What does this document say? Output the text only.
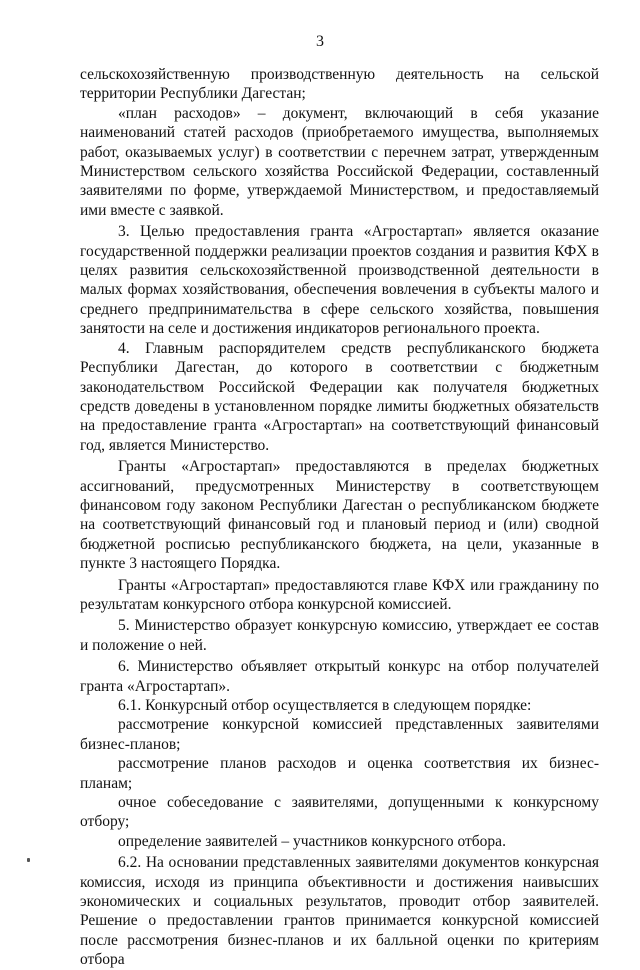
3

сельскохозяйственную производственную деятельность на сельской территории Республики Дагестан;

«план расходов» – документ, включающий в себя указание наименований статей расходов (приобретаемого имущества, выполняемых работ, оказываемых услуг) в соответствии с перечнем затрат, утвержденным Министерством сельского хозяйства Российской Федерации, составленный заявителями по форме, утверждаемой Министерством, и предоставляемый ими вместе с заявкой.

3. Целью предоставления гранта «Агростартап» является оказание государственной поддержки реализации проектов создания и развития КФХ в целях развития сельскохозяйственной производственной деятельности в малых формах хозяйствования, обеспечения вовлечения в субъекты малого и среднего предпринимательства в сфере сельского хозяйства, повышения занятости на селе и достижения индикаторов регионального проекта.

4. Главным распорядителем средств республиканского бюджета Республики Дагестан, до которого в соответствии с бюджетным законодательством Российской Федерации как получателя бюджетных средств доведены в установленном порядке лимиты бюджетных обязательств на предоставление гранта «Агростартап» на соответствующий финансовый год, является Министерство.

Гранты «Агростартап» предоставляются в пределах бюджетных ассигнований, предусмотренных Министерству в соответствующем финансовом году законом Республики Дагестан о республиканском бюджете на соответствующий финансовый год и плановый период и (или) сводной бюджетной росписью республиканского бюджета, на цели, указанные в пункте 3 настоящего Порядка.

Гранты «Агростартап» предоставляются главе КФХ или гражданину по результатам конкурсного отбора конкурсной комиссией.

5. Министерство образует конкурсную комиссию, утверждает ее состав и положение о ней.

6. Министерство объявляет открытый конкурс на отбор получателей гранта «Агростартап».

6.1. Конкурсный отбор осуществляется в следующем порядке:

рассмотрение конкурсной комиссией представленных заявителями бизнес-планов;

рассмотрение планов расходов и оценка соответствия их бизнес-планам;

очное собеседование с заявителями, допущенными к конкурсному отбору;

определение заявителей – участников конкурсного отбора.

6.2. На основании представленных заявителями документов конкурсная комиссия, исходя из принципа объективности и достижения наивысших экономических и социальных результатов, проводит отбор заявителей. Решение о предоставлении грантов принимается конкурсной комиссией после рассмотрения бизнес-планов и их балльной оценки по критериям отбора
